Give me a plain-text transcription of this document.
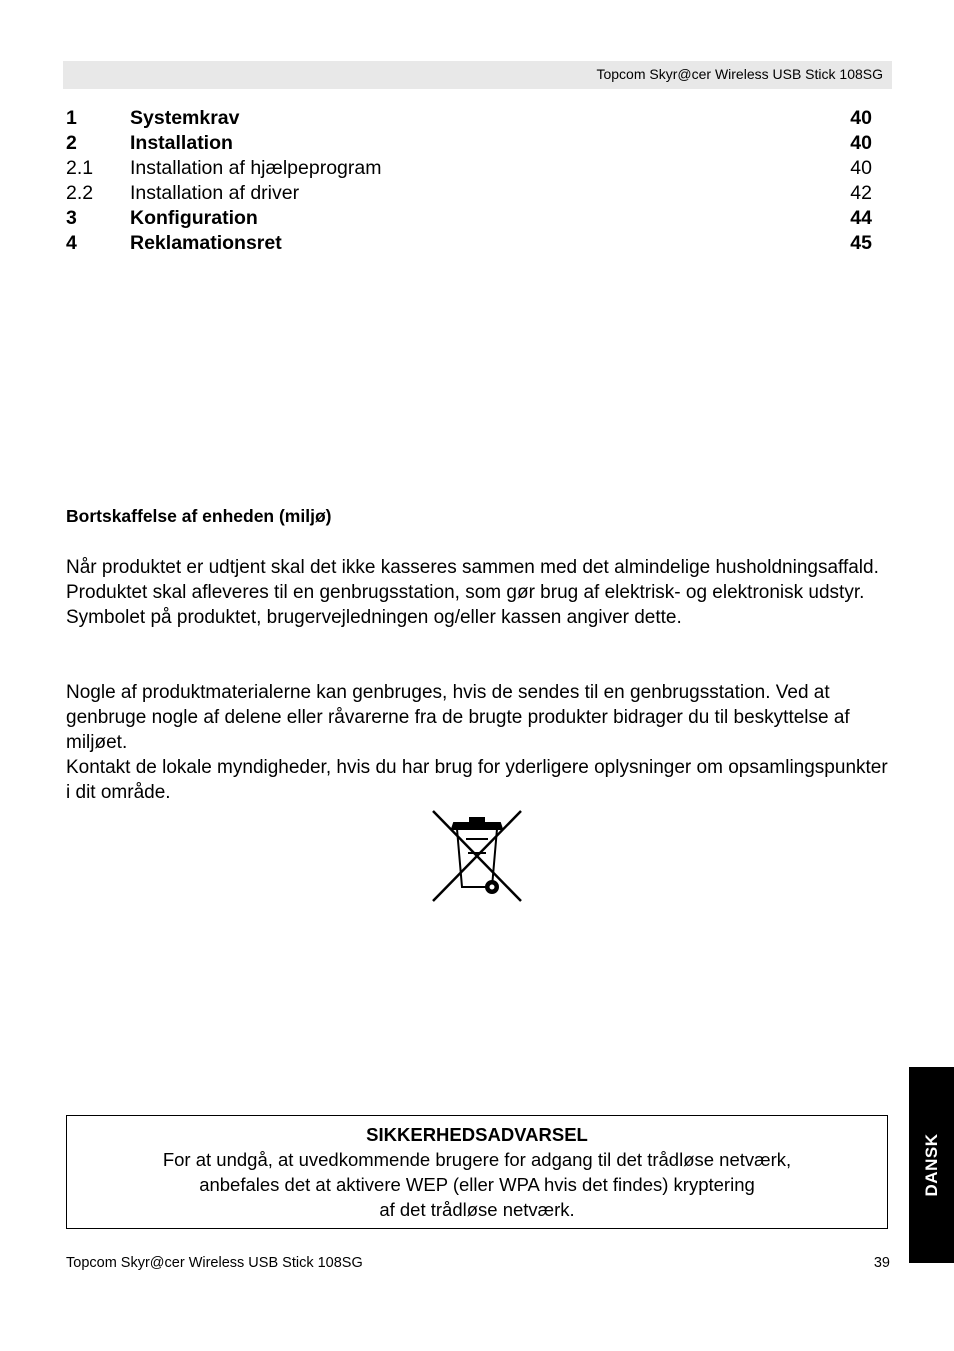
Topcom Skyr@cer Wireless USB Stick 108SG
1	Systemkrav	40
2	Installation	40
2.1 Installation af hjælpeprogram	40
2.2 Installation af driver	42
3	Konfiguration	44
4	Reklamationsret	45
Bortskaffelse af enheden (miljø)

Når produktet er udtjent skal det ikke kasseres sammen med det almindelige husholdningsaffald. Produktet skal afleveres til en genbrugsstation, som gør brug af elektrisk- og elektronisk udstyr. Symbolet på produktet, brugervejledningen og/eller kassen angiver dette.

Nogle af produktmaterialerne kan genbruges, hvis de sendes til en genbrugsstation. Ved at genbruge nogle af delene eller råvarerne fra de brugte produkter bidrager du til beskyttelse af miljøet.

Kontakt de lokale myndigheder, hvis du har brug for yderligere oplysninger om opsamlingspunkter i dit område.

SIKKERHEDSADVARSEL
For at undgå, at uvedkommende brugere for adgang til det trådløse netværk,
anbefales det at aktivere WEP (eller WPA hvis det findes) kryptering
af det trådløse netværk.
Topcom Skyr@cer Wireless USB Stick 108SG	39
DANSK
